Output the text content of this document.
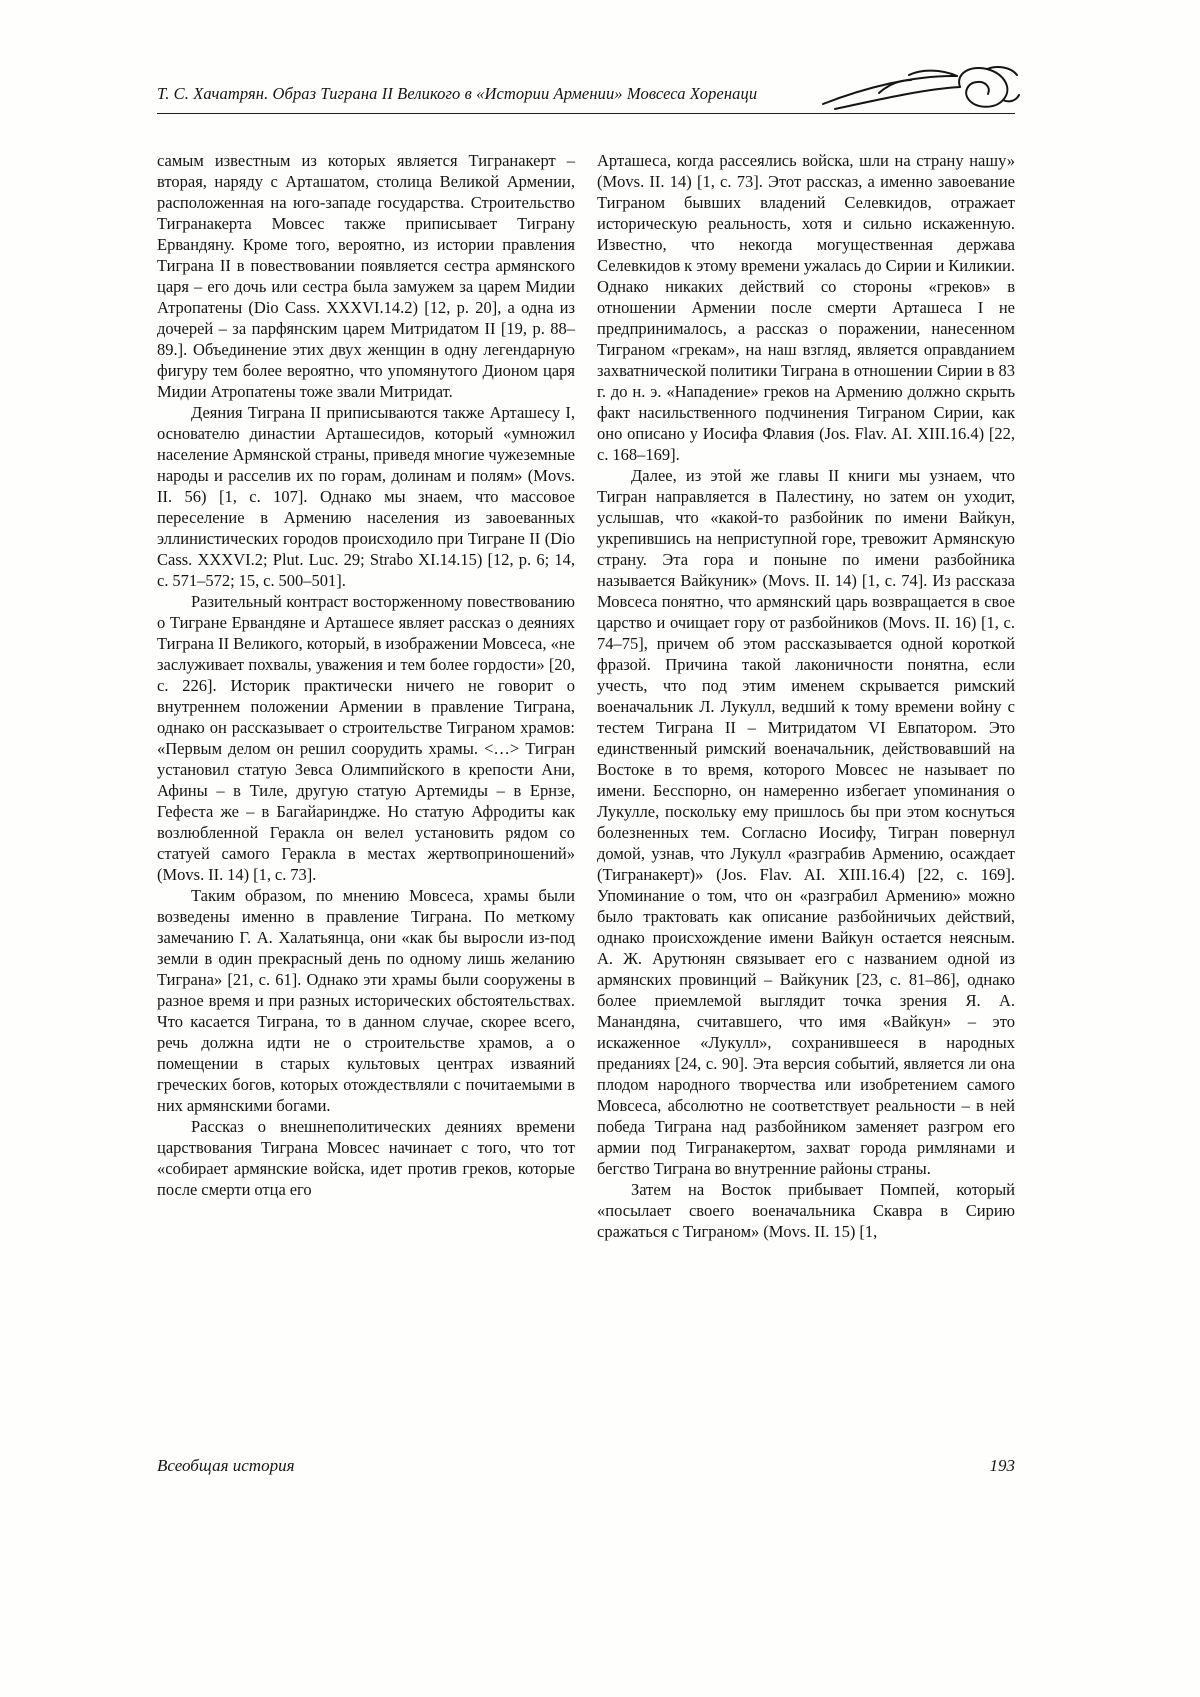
Т. С. Хачатрян. Образ Тиграна II Великого в «Истории Армении» Мовсеса Хоренаци

самым известным из которых является Тигранакерт – вторая, наряду с Арташатом, столица Великой Армении, расположенная на юго-западе государства. Строительство Тигранакерта Мовсес также приписывает Тиграну Ервандяну. Кроме того, вероятно, из истории правления Тиграна II в повествовании появляется сестра армянского царя – его дочь или сестра была замужем за царем Мидии Атропатены (Dio Cass. XXXVI.14.2) [12, p. 20], а одна из дочерей – за парфянским царем Митридатом II [19, p. 88–89.]. Объединение этих двух женщин в одну легендарную фигуру тем более вероятно, что упомянутого Дионом царя Мидии Атропатены тоже звали Митридат.

Деяния Тиграна II приписываются также Арташесу I, основателю династии Арташесидов, который «умножил население Армянской страны, приведя многие чужеземные народы и расселив их по горам, долинам и полям» (Movs. II. 56) [1, с. 107]. Однако мы знаем, что массовое переселение в Армению населения из завоеванных эллинистических городов происходило при Тигране II (Dio Cass. XXXVI.2; Plut. Luc. 29; Strabo XI.14.15) [12, p. 6; 14, с. 571–572; 15, с. 500–501].

Разительный контраст восторженному повествованию о Тигране Ервандяне и Арташесе являет рассказ о деяниях Тиграна II Великого, который, в изображении Мовсеса, «не заслуживает похвалы, уважения и тем более гордости» [20, с. 226]. Историк практически ничего не говорит о внутреннем положении Армении в правление Тиграна, однако он рассказывает о строительстве Тиграном храмов: «Первым делом он решил соорудить храмы. <…> Тигран установил статую Зевса Олимпийского в крепости Ани, Афины – в Тиле, другую статую Артемиды – в Ернзе, Гефеста же – в Багайариндже. Но статую Афродиты как возлюбленной Геракла он велел установить рядом со статуей самого Геракла в местах жертвоприношений» (Movs. II. 14) [1, с. 73].

Таким образом, по мнению Мовсеса, храмы были возведены именно в правление Тиграна. По меткому замечанию Г. А. Халатьянца, они «как бы выросли из-под земли в один прекрасный день по одному лишь желанию Тиграна» [21, с. 61]. Однако эти храмы были сооружены в разное время и при разных исторических обстоятельствах. Что касается Тиграна, то в данном случае, скорее всего, речь должна идти не о строительстве храмов, а о помещении в старых культовых центрах изваяний греческих богов, которых отождествляли с почитаемыми в них армянскими богами.

Рассказ о внешнеполитических деяниях времени царствования Тиграна Мовсес начинает с того, что тот «собирает армянские войска, идет против греков, которые после смерти отца его

Арташеса, когда рассеялись войска, шли на страну нашу» (Movs. II. 14) [1, с. 73]. Этот рассказ, а именно завоевание Тиграном бывших владений Селевкидов, отражает историческую реальность, хотя и сильно искаженную. Известно, что некогда могущественная держава Селевкидов к этому времени ужалась до Сирии и Киликии. Однако никаких действий со стороны «греков» в отношении Армении после смерти Арташеса I не предпринималось, а рассказ о поражении, нанесенном Тиграном «грекам», на наш взгляд, является оправданием захватнической политики Тиграна в отношении Сирии в 83 г. до н. э. «Нападение» греков на Армению должно скрыть факт насильственного подчинения Тиграном Сирии, как оно описано у Иосифа Флавия (Jos. Flav. AI. XIII.16.4) [22, с. 168–169].

Далее, из этой же главы II книги мы узнаем, что Тигран направляется в Палестину, но затем он уходит, услышав, что «какой-то разбойник по имени Вайкун, укрепившись на неприступной горе, тревожит Армянскую страну. Эта гора и поныне по имени разбойника называется Вайкуник» (Movs. II. 14) [1, с. 74]. Из рассказа Мовсеса понятно, что армянский царь возвращается в свое царство и очищает гору от разбойников (Movs. II. 16) [1, с. 74–75], причем об этом рассказывается одной короткой фразой. Причина такой лаконичности понятна, если учесть, что под этим именем скрывается римский военачальник Л. Лукулл, ведший к тому времени войну с тестем Тиграна II – Митридатом VI Евпатором. Это единственный римский военачальник, действовавший на Востоке в то время, которого Мовсес не называет по имени. Бесспорно, он намеренно избегает упоминания о Лукулле, поскольку ему пришлось бы при этом коснуться болезненных тем. Согласно Иосифу, Тигран повернул домой, узнав, что Лукулл «разграбив Армению, осаждает (Тигранакерт)» (Jos. Flav. AI. XIII.16.4) [22, с. 169]. Упоминание о том, что он «разграбил Армению» можно было трактовать как описание разбойничьих действий, однако происхождение имени Вайкун остается неясным. А. Ж. Арутюнян связывает его с названием одной из армянских провинций – Вайкуник [23, с. 81–86], однако более приемлемой выглядит точка зрения Я. А. Манандяна, считавшего, что имя «Вайкун» – это искаженное «Лукулл», сохранившееся в народных преданиях [24, с. 90]. Эта версия событий, является ли она плодом народного творчества или изобретением самого Мовсеса, абсолютно не соответствует реальности – в ней победа Тиграна над разбойником заменяет разгром его армии под Тигранакертом, захват города римлянами и бегство Тиграна во внутренние районы страны.

Затем на Восток прибывает Помпей, который «посылает своего военачальника Скавра в Сирию сражаться с Тиграном» (Movs. II. 15) [1,

Всеобщая история	193
